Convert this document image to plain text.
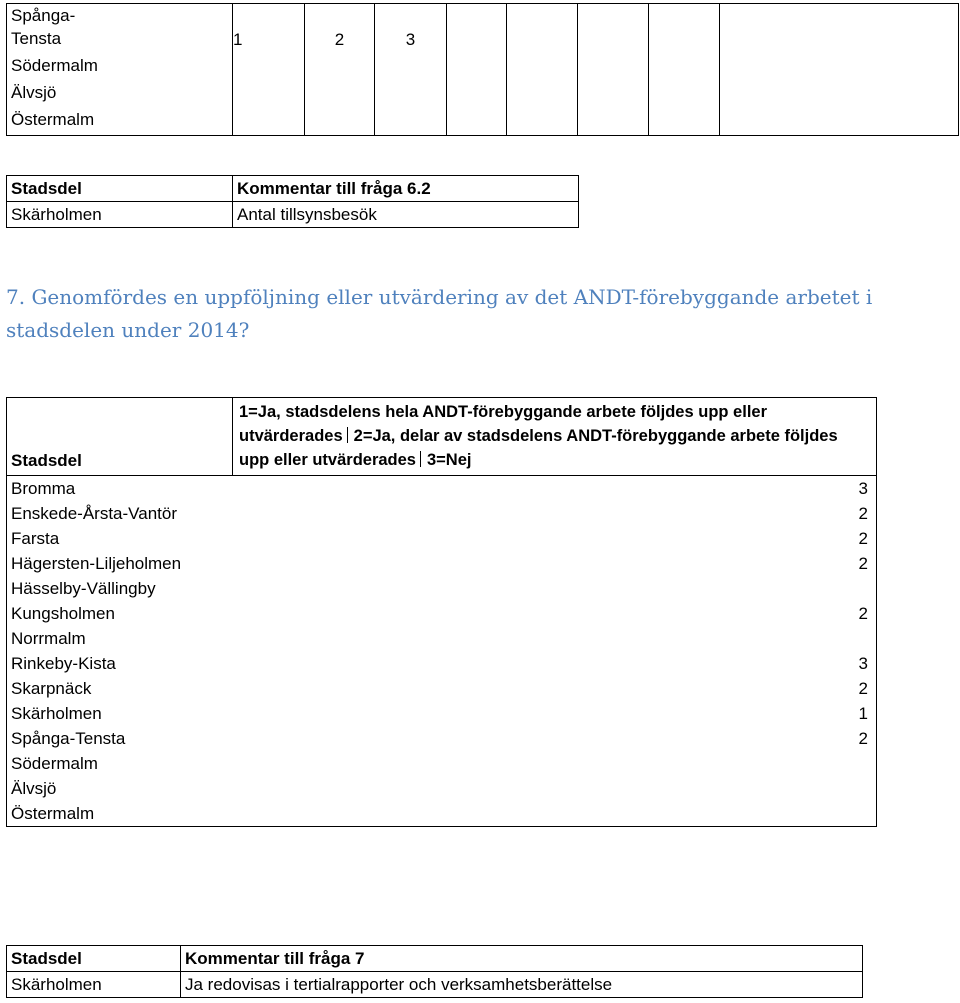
Spånga-
Tensta	1	2	3					
Södermalm								
Älvsjö								
Östermalm								
Stadsdel	Kommentar till fråga 6.2
Skärholmen	Antal tillsynsbesök
7. Genomfördes en uppföljning eller utvärdering av det ANDT-förebyggande arbetet i stadsdelen under 2014?
Stadsdel	1=Ja, stadsdelens hela ANDT-förebyggande arbete följdes upp eller utvärderades 2=Ja, delar av stadsdelens ANDT-förebyggande arbete följdes upp eller utvärderades 3=Nej
Bromma	3
Enskede-Årsta-Vantör	2
Farsta	2
Hägersten-Liljeholmen	2
Hässelby-Vällingby	
Kungsholmen	2
Norrmalm	
Rinkeby-Kista	3
Skarpnäck	2
Skärholmen	1
Spånga-Tensta	2
Södermalm	
Älvsjö	
Östermalm	
Stadsdel	Kommentar till fråga 7
Skärholmen	Ja redovisas i tertialrapporter och verksamhetsberättelse
